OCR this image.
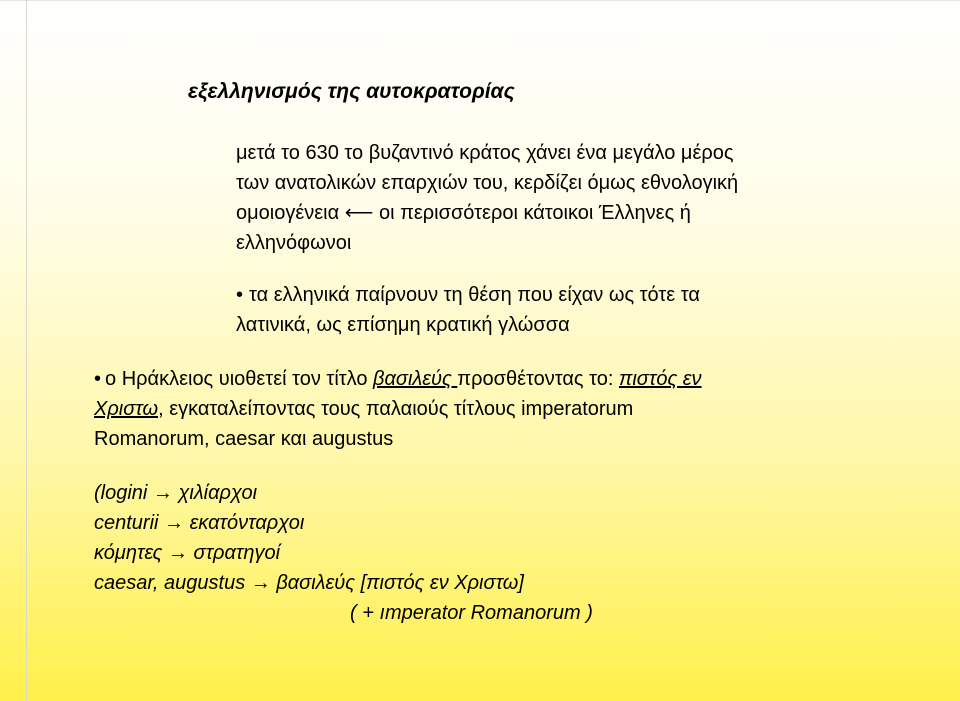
εξελληνισμός της αυτοκρατορίας
μετά το 630 το βυζαντινό κράτος χάνει ένα μεγάλο μέρος
των ανατολικών επαρχιών του, κερδίζει όμως εθνολογική
ομοιογένεια ⟵ οι περισσότεροι κάτοικοι Έλληνες ή
ελληνόφωνοι
• τα ελληνικά παίρνουν τη θέση που είχαν ως τότε τα
λατινικά, ως επίσημη κρατική γλώσσα
• ο Ηράκλειος υιοθετεί τον τίτλο βασιλεύς προσθέτοντας το: πιστός εν
Χριστω, εγκαταλείποντας τους παλαιούς τίτλους imperatorum
Romanorum, caesar και augustus
(logini → χιλίαρχοι
centurii → εκατόνταρχοι
κόμητες → στρατηγοί
caesar, augustus → βασιλεύς [πιστός εν Χριστω]
( + ımperator Romanorum )
